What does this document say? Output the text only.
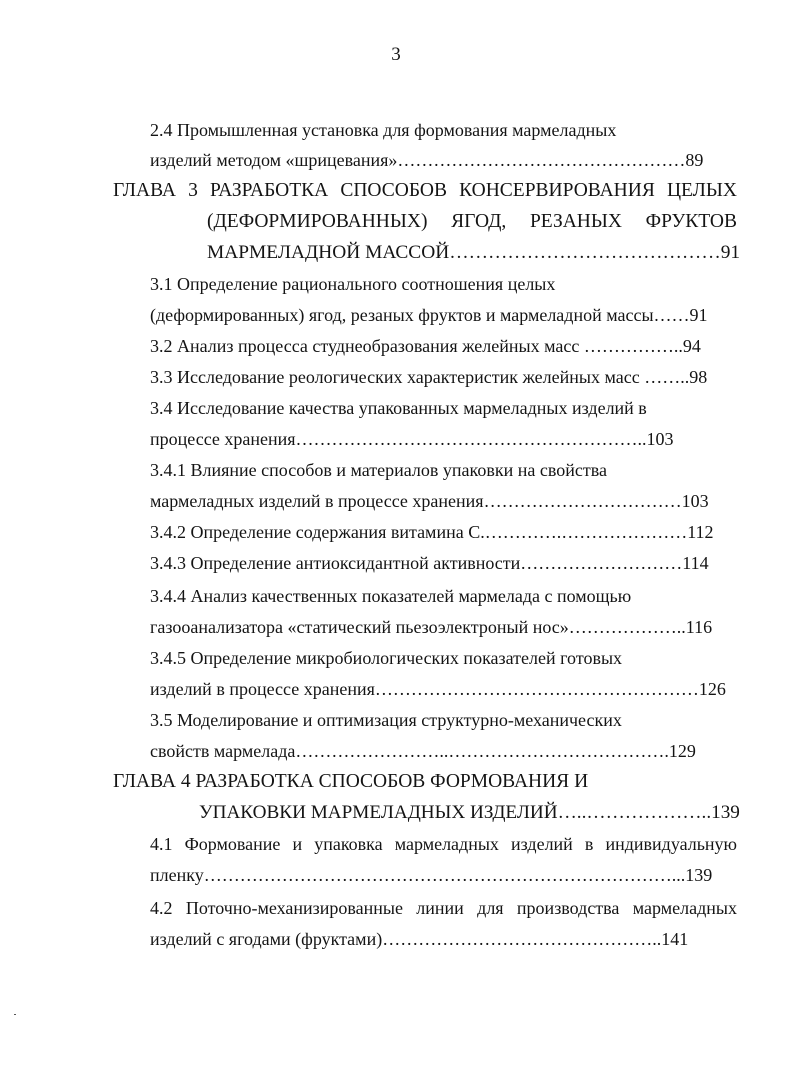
3
2.4 Промышленная установка для формования мармеладных
изделий методом «шрицевания»…………………………………………89
ГЛАВА 3 РАЗРАБОТКА СПОСОБОВ КОНСЕРВИРОВАНИЯ ЦЕЛЫХ
(ДЕФОРМИРОВАННЫХ) ЯГОД, РЕЗАНЫХ ФРУКТОВ
МАРМЕЛАДНОЙ МАССОЙ……………………………………91
3.1 Определение рационального соотношения целых
(деформированных) ягод, резаных фруктов и мармеладной массы……91
3.2 Анализ процесса студнеобразования желейных масс ……………..94
3.3 Исследование реологических характеристик желейных масс ……..98
3.4 Исследование качества упакованных мармеладных изделий в
процессе хранения…………………………………………………..103
3.4.1 Влияние способов и материалов упаковки на свойства
мармеладных изделий в процессе хранения……………………………103
3.4.2 Определение содержания витамина С.………….…………………112
3.4.3 Определение антиоксидантной активности………………………114
3.4.4 Анализ качественных показателей мармелада с помощью
газооанализатора «статический пьезоэлектроный нос»………………..116
3.4.5 Определение микробиологических показателей готовых
изделий в процессе хранения………………………………………………126
3.5 Моделирование и оптимизация структурно-механических
свойств мармелада……………………..……………………………….129
ГЛАВА 4 РАЗРАБОТКА СПОСОБОВ ФОРМОВАНИЯ И
УПАКОВКИ МАРМЕЛАДНЫХ ИЗДЕЛИЙ…..………………..139
4.1 Формование и упаковка мармеладных изделий в индивидуальную
пленку……………………………………………………………………...139
4.2 Поточно-механизированные линии для производства мармеладных
изделий с ягодами (фруктами)………………………………………..141
